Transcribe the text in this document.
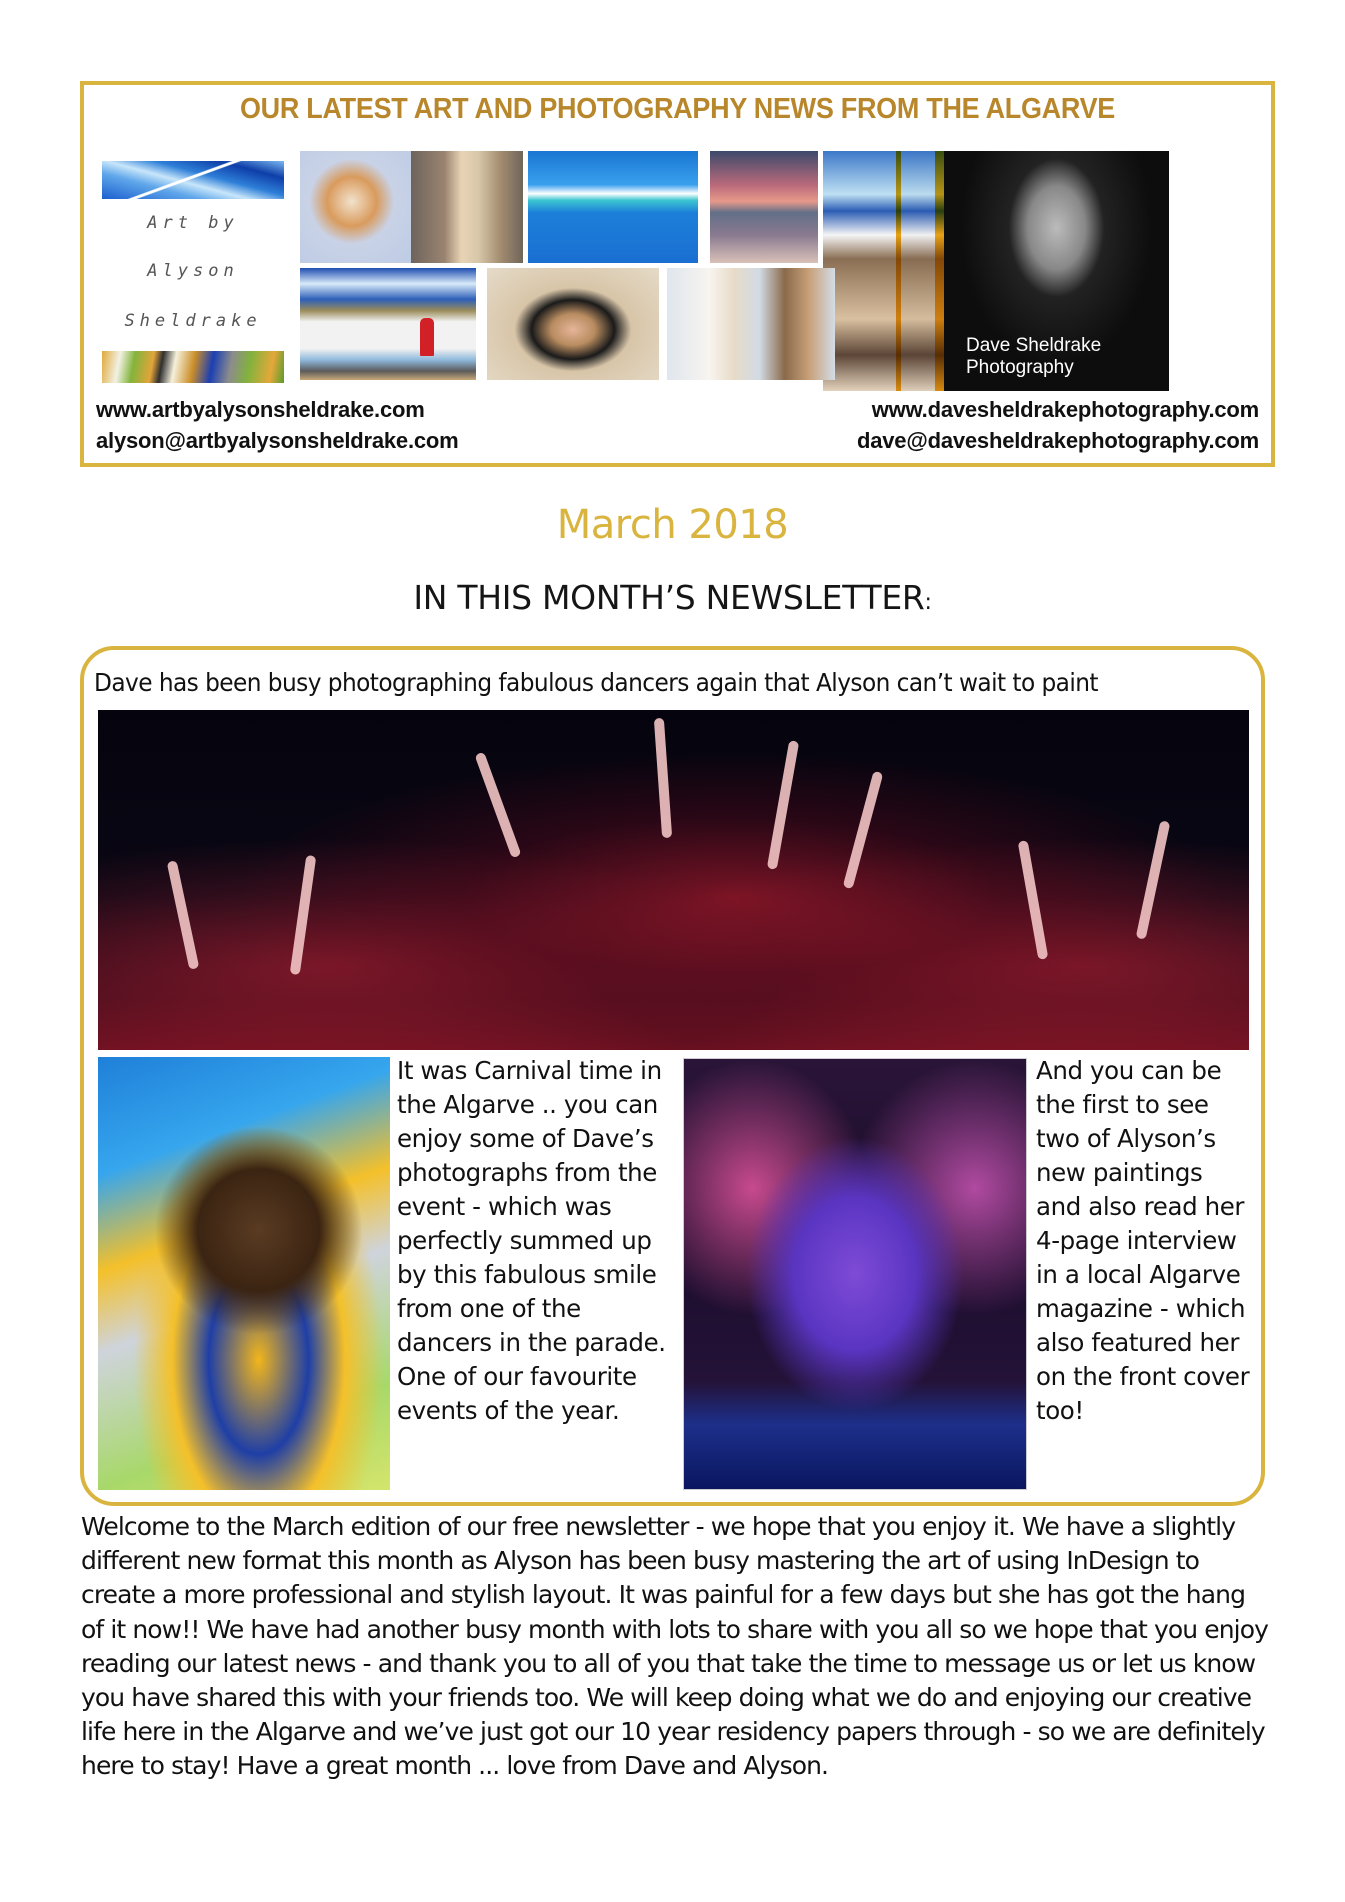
OUR LATEST ART AND PHOTOGRAPHY NEWS FROM THE ALGARVE
Art by
Alyson
Sheldrake
Dave Sheldrake
Photography
www.artbyalysonsheldrake.com
alyson@artbyalysonsheldrake.com
www.davesheldrakephotography.com
dave@davesheldrakephotography.com
March 2018
IN THIS MONTH’S NEWSLETTER:
Dave has been busy photographing fabulous dancers again that Alyson can’t wait to paint
It was Carnival time in the Algarve .. you can enjoy some of Dave’s photographs from the event - which was perfectly summed up by this fabulous smile from one of the dancers in the parade. One of our favourite events of the year.
And you can be the first to see two of Alyson’s new paintings and also read her 4-page interview in a local Algarve magazine - which also featured her on the front cover too!
Welcome to the March edition of our free newsletter - we hope that you enjoy it. We have a slightly different new format this month as Alyson has been busy mastering the art of using InDesign to create a more professional and stylish layout. It was painful for a few days but she has got the hang of it now!! We have had another busy month with lots to share with you all so we hope that you enjoy reading our latest news - and thank you to all of you that take the time to message us or let us know you have shared this with your friends too. We will keep doing what we do and enjoying our creative life here in the Algarve and we’ve just got our 10 year residency papers through - so we are definitely here to stay! Have a great month ... love from Dave and Alyson.
